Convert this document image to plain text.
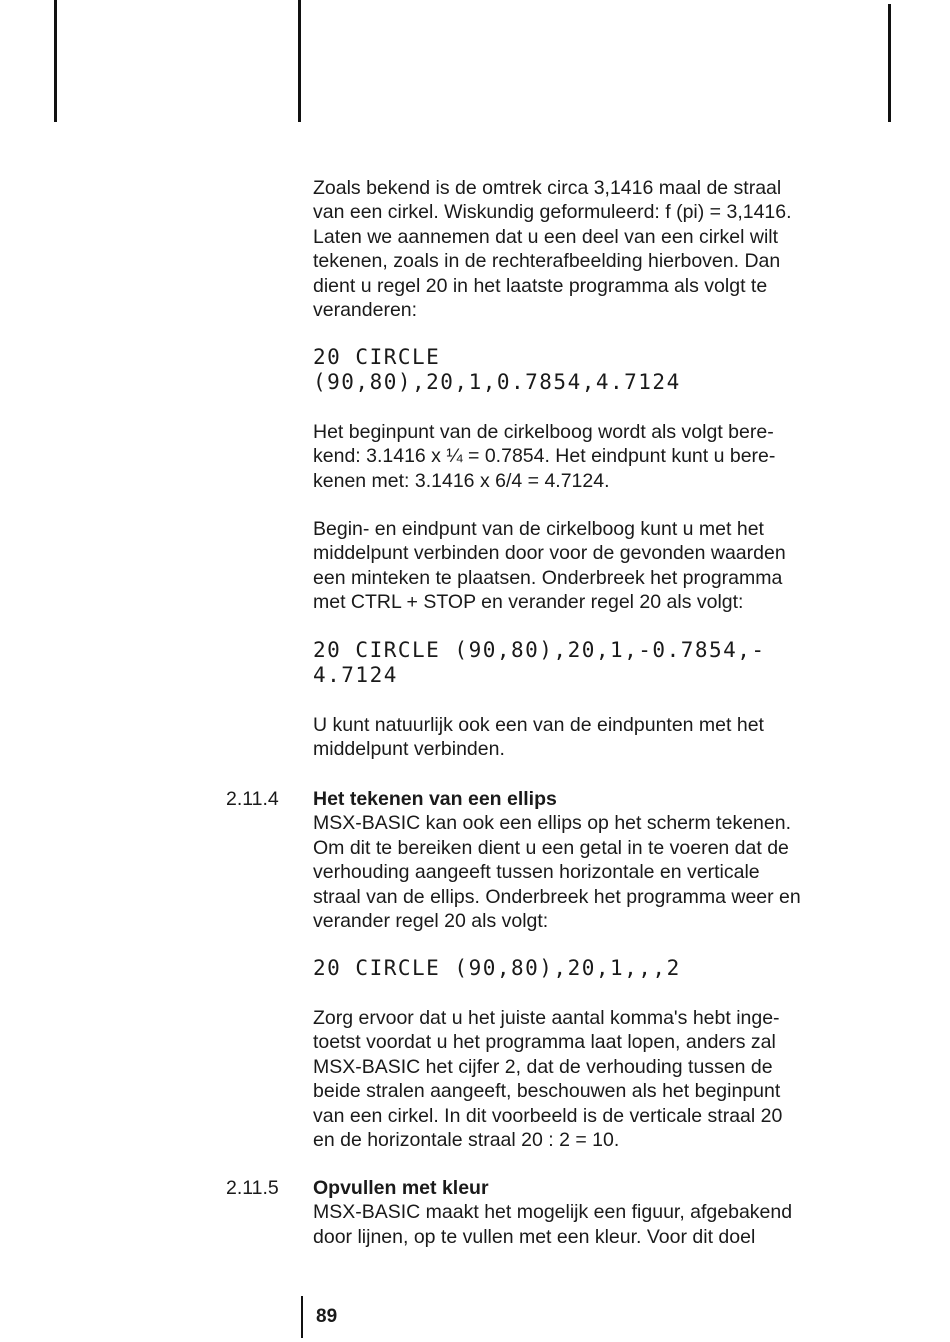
Zoals bekend is de omtrek circa 3,1416 maal de straal
van een cirkel. Wiskundig geformuleerd: f (pi) = 3,1416.
Laten we aannemen dat u een deel van een cirkel wilt
tekenen, zoals in de rechterafbeelding hierboven. Dan
dient u regel 20 in het laatste programma als volgt te
veranderen:

20 CIRCLE
(90,80),20,1,0.7854,4.7124

Het beginpunt van de cirkelboog wordt als volgt bere-
kend: 3.1416 x ¼ = 0.7854. Het eindpunt kunt u bere-
kenen met: 3.1416 x 6/4 = 4.7124.

Begin- en eindpunt van de cirkelboog kunt u met het
middelpunt verbinden door voor de gevonden waarden
een minteken te plaatsen. Onderbreek het programma
met CTRL + STOP en verander regel 20 als volgt:

20 CIRCLE (90,80),20,1,-0.7854,-
4.7124

U kunt natuurlijk ook een van de eindpunten met het
middelpunt verbinden.

2.11.4 Het tekenen van een ellips

MSX-BASIC kan ook een ellips op het scherm tekenen.
Om dit te bereiken dient u een getal in te voeren dat de
verhouding aangeeft tussen horizontale en verticale
straal van de ellips. Onderbreek het programma weer en
verander regel 20 als volgt:

20 CIRCLE (90,80),20,1,,,2

Zorg ervoor dat u het juiste aantal komma's hebt inge-
toetst voordat u het programma laat lopen, anders zal
MSX-BASIC het cijfer 2, dat de verhouding tussen de
beide stralen aangeeft, beschouwen als het beginpunt
van een cirkel. In dit voorbeeld is de verticale straal 20
en de horizontale straal 20 : 2 = 10.

2.11.5 Opvullen met kleur

MSX-BASIC maakt het mogelijk een figuur, afgebakend
door lijnen, op te vullen met een kleur. Voor dit doel

89
